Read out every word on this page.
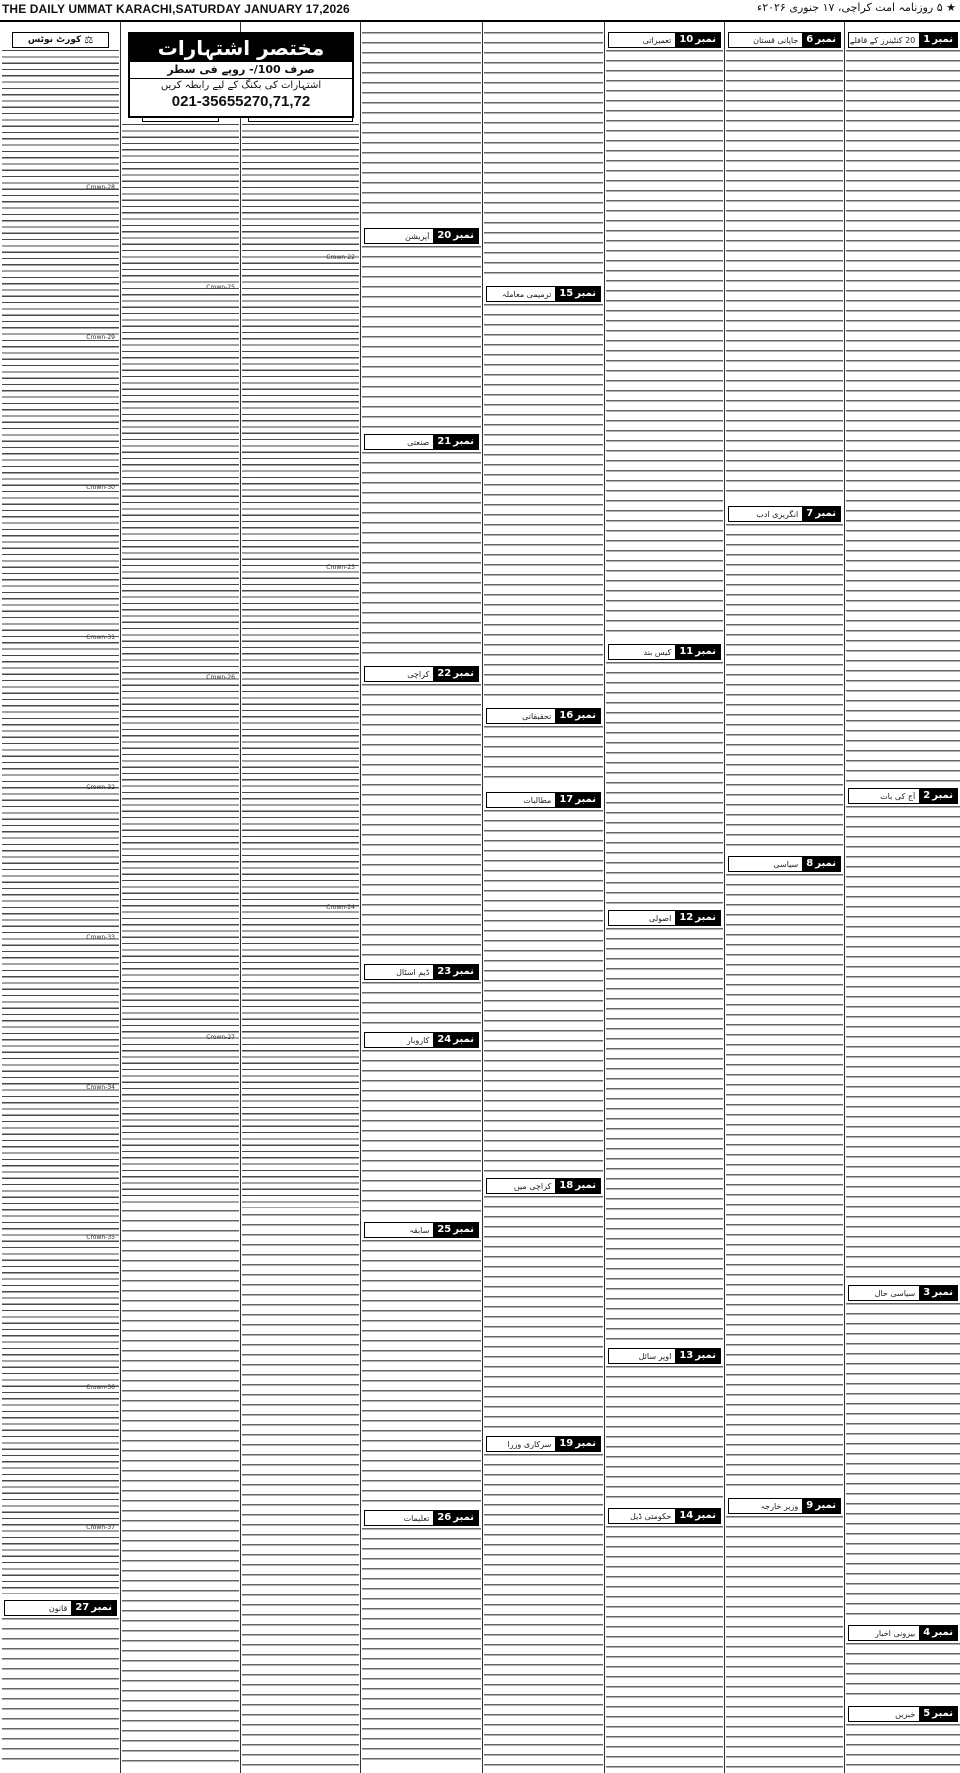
THE DAILY UMMAT KARACHI,SATURDAY JANUARY 17,2026	★ ۵ روزنامہ امت کراچی، ۱۷ جنوری ۲۰۲۶ء
نمبر
1
20 کنٹینرز کے قافلے
نمبر
2
آج کی بات
نمبر
3
سیاسی حال
نمبر
4
بیرونی اخبار
نمبر
5
خبریں
نمبر
6
جاپانی قستان
نمبر
7
انگریزی ادب
نمبر
8
سیاسی
نمبر
9
وزیر خارجہ
نمبر
10
تعمیراتی
نمبر
11
کیس بند
نمبر
12
اصولی
نمبر
13
اوپر سائل
نمبر
14
حکومتی ڈیل
نمبر
15
ترمیمی معاملہ
نمبر
16
تحقیقاتی
نمبر
17
مطالبات
نمبر
18
کراچی میں
نمبر
19
سرکاری وزرا
نمبر
20
آپریشن
نمبر
21
صنعتی
نمبر
22
کراچی
نمبر
23
ڈیم اسٹال
نمبر
24
کاروبار
نمبر
25
سابقہ
نمبر
26
تعلیمات
Crown-22
Crown-23
Crown-24
Crown-25
Crown-26
Crown-27
⚖
کورٹ نوٹس
نمبر
27
قانون
Crown-28
Crown-29
Crown-30
Crown-31
Crown-32
Crown-33
Crown-34
Crown-35
Crown-36
Crown-37
مختصر اشتہارات
صرف 100/- روپے فی سطر
اشتہارات کی بکنگ کے لیے رابطہ کریں
021-35655270,71,72
